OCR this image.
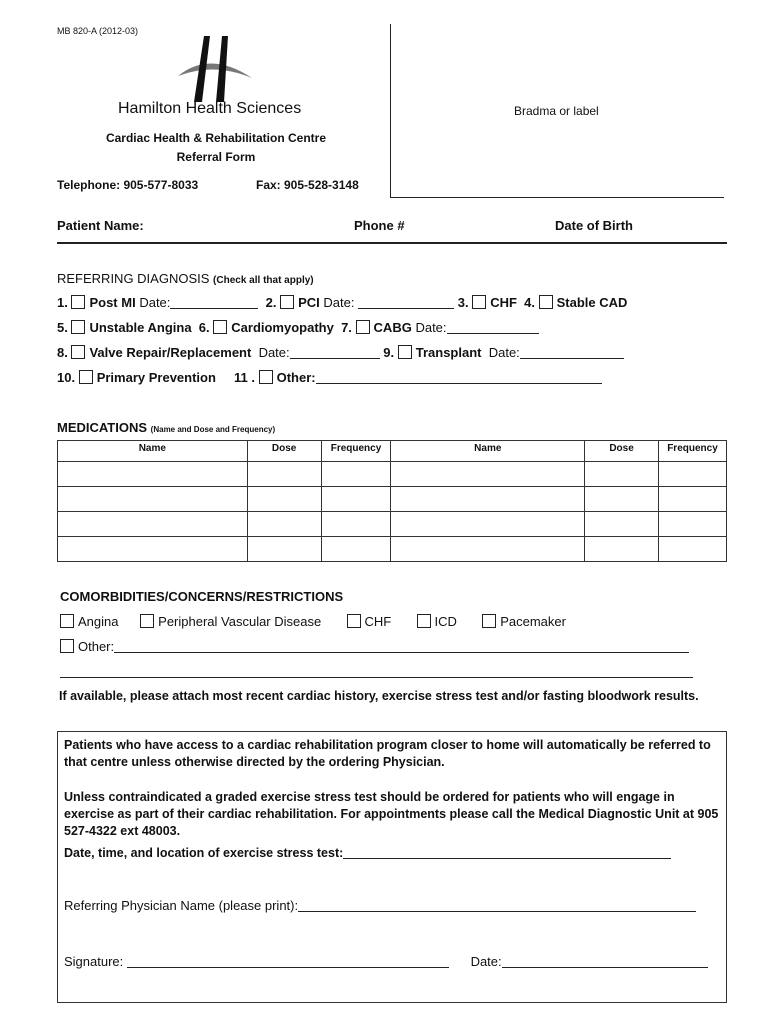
MB 820-A (2012-03)
Hamilton Health Sciences
Cardiac Health & Rehabilitation Centre
Referral Form
Telephone: 905-577-8033	Fax: 905-528-3148
Bradma or label
Patient Name:	Phone #	Date of Birth
REFERRING DIAGNOSIS (Check all that apply)
1. Post MI Date:	2. PCI Date:	3. CHF 4. Stable CAD
5. Unstable Angina 6. Cardiomyopathy 7. CABG Date:
8. Valve Repair/Replacement Date:	9. Transplant Date:
10. Primary Prevention 11 . Other:
MEDICATIONS (Name and Dose and Frequency)
Name	Dose	Frequency	Name	Dose	Frequency

COMORBIDITIES/CONCERNS/RESTRICTIONS
Angina	Peripheral Vascular Disease	CHF	ICD	Pacemaker
Other:
If available, please attach most recent cardiac history, exercise stress test and/or fasting bloodwork results.
Patients who have access to a cardiac rehabilitation program closer to home will automatically be referred to that centre unless otherwise directed by the ordering Physician.
Unless contraindicated a graded exercise stress test should be ordered for patients who will engage in exercise as part of their cardiac rehabilitation. For appointments please call the Medical Diagnostic Unit at 905 527-4322 ext 48003.
Date, time, and location of exercise stress test:
Referring Physician Name (please print):
Signature:	Date:
